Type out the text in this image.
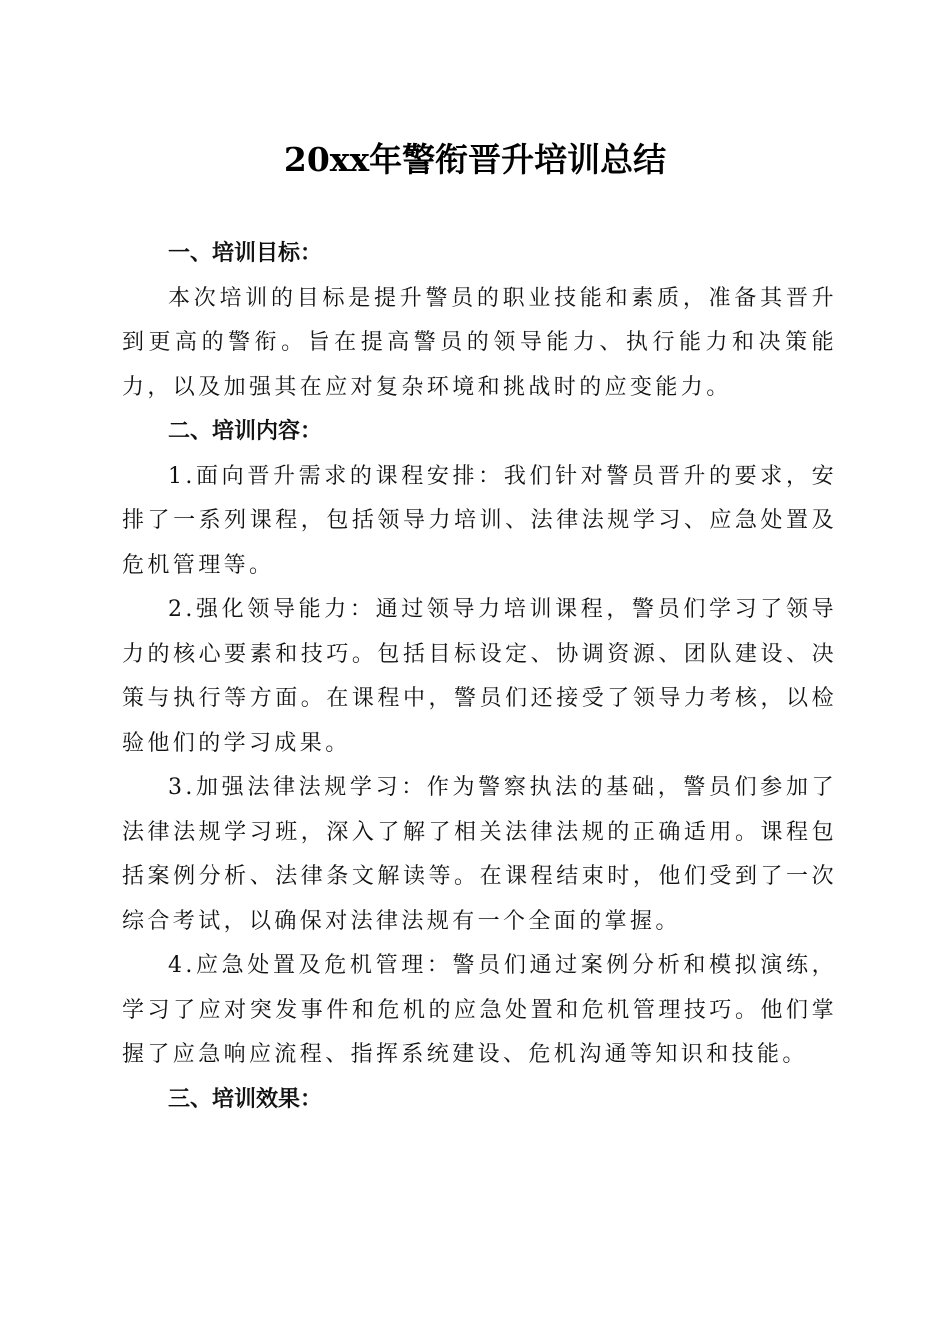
20xx年警衔晋升培训总结

一、培训目标：

本次培训的目标是提升警员的职业技能和素质，准备其晋升到更高的警衔。旨在提高警员的领导能力、执行能力和决策能力，以及加强其在应对复杂环境和挑战时的应变能力。

二、培训内容：

1.面向晋升需求的课程安排：我们针对警员晋升的要求，安排了一系列课程，包括领导力培训、法律法规学习、应急处置及危机管理等。

2.强化领导能力：通过领导力培训课程，警员们学习了领导力的核心要素和技巧。包括目标设定、协调资源、团队建设、决策与执行等方面。在课程中，警员们还接受了领导力考核，以检验他们的学习成果。

3.加强法律法规学习：作为警察执法的基础，警员们参加了法律法规学习班，深入了解了相关法律法规的正确适用。课程包括案例分析、法律条文解读等。在课程结束时，他们受到了一次综合考试，以确保对法律法规有一个全面的掌握。

4.应急处置及危机管理：警员们通过案例分析和模拟演练，学习了应对突发事件和危机的应急处置和危机管理技巧。他们掌握了应急响应流程、指挥系统建设、危机沟通等知识和技能。

三、培训效果：
